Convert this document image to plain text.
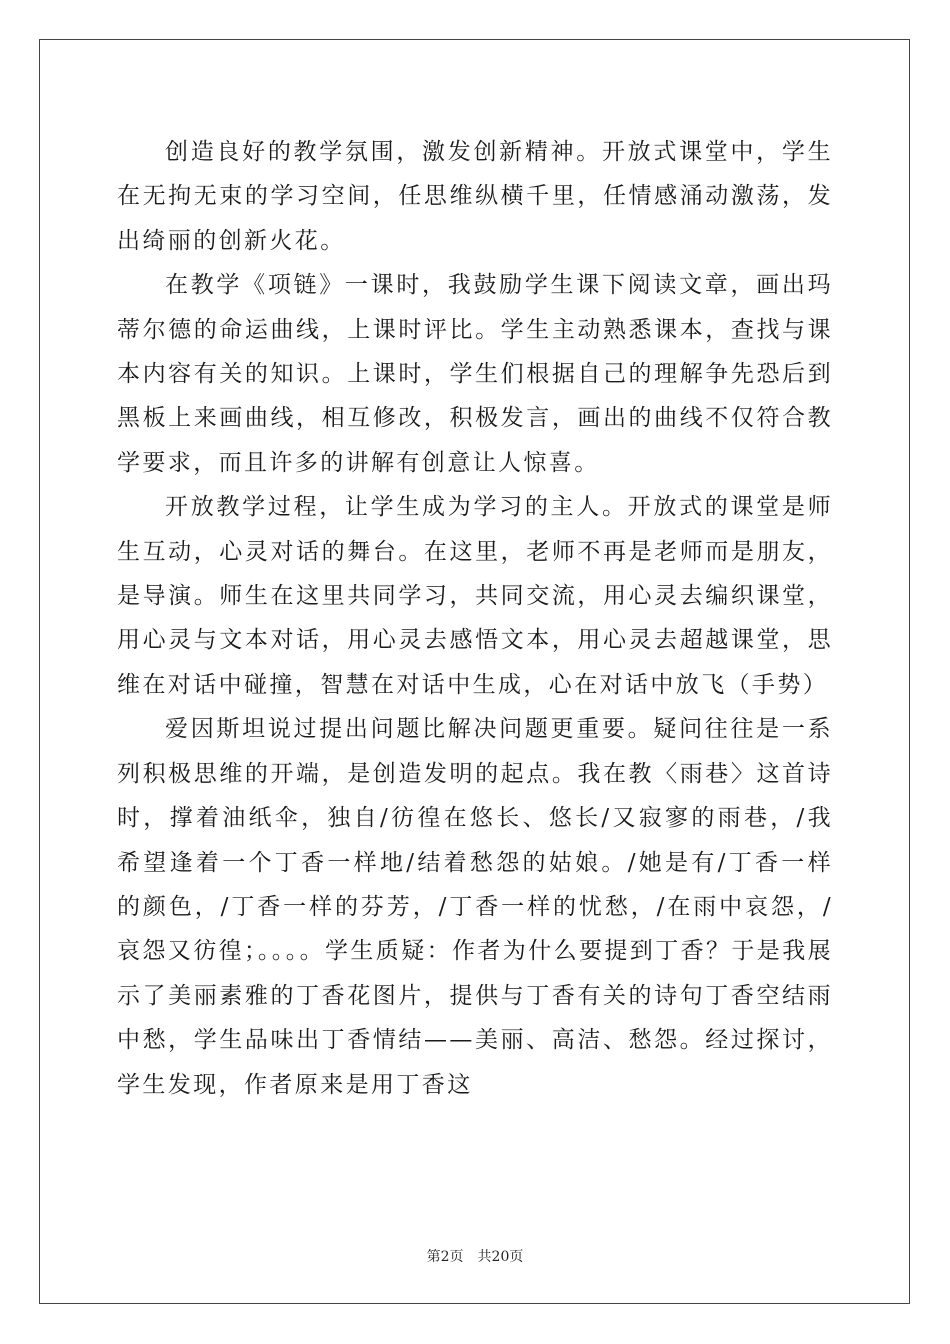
创造良好的教学氛围，激发创新精神。开放式课堂中，学生在无拘无束的学习空间，任思维纵横千里，任情感涌动激荡，发出绮丽的创新火花。

在教学《项链》一课时，我鼓励学生课下阅读文章，画出玛蒂尔德的命运曲线，上课时评比。学生主动熟悉课本，查找与课本内容有关的知识。上课时，学生们根据自己的理解争先恐后到黑板上来画曲线，相互修改，积极发言，画出的曲线不仅符合教学要求，而且许多的讲解有创意让人惊喜。

开放教学过程，让学生成为学习的主人。开放式的课堂是师生互动，心灵对话的舞台。在这里，老师不再是老师而是朋友，是导演。师生在这里共同学习，共同交流，用心灵去编织课堂，用心灵与文本对话，用心灵去感悟文本，用心灵去超越课堂，思维在对话中碰撞，智慧在对话中生成，心在对话中放飞（手势）

爱因斯坦说过提出问题比解决问题更重要。疑问往往是一系列积极思维的开端，是创造发明的起点。我在教〈雨巷〉这首诗时，撑着油纸伞，独自/彷徨在悠长、悠长/又寂寥的雨巷，/我希望逢着一个丁香一样地/结着愁怨的姑娘。/她是有/丁香一样的颜色，/丁香一样的芬芳，/丁香一样的忧愁，/在雨中哀怨，/哀怨又彷徨；。。。。学生质疑：作者为什么要提到丁香？于是我展示了美丽素雅的丁香花图片，提供与丁香有关的诗句丁香空结雨中愁，学生品味出丁香情结——美丽、高洁、愁怨。经过探讨，学生发现，作者原来是用丁香这

第2页 共20页
